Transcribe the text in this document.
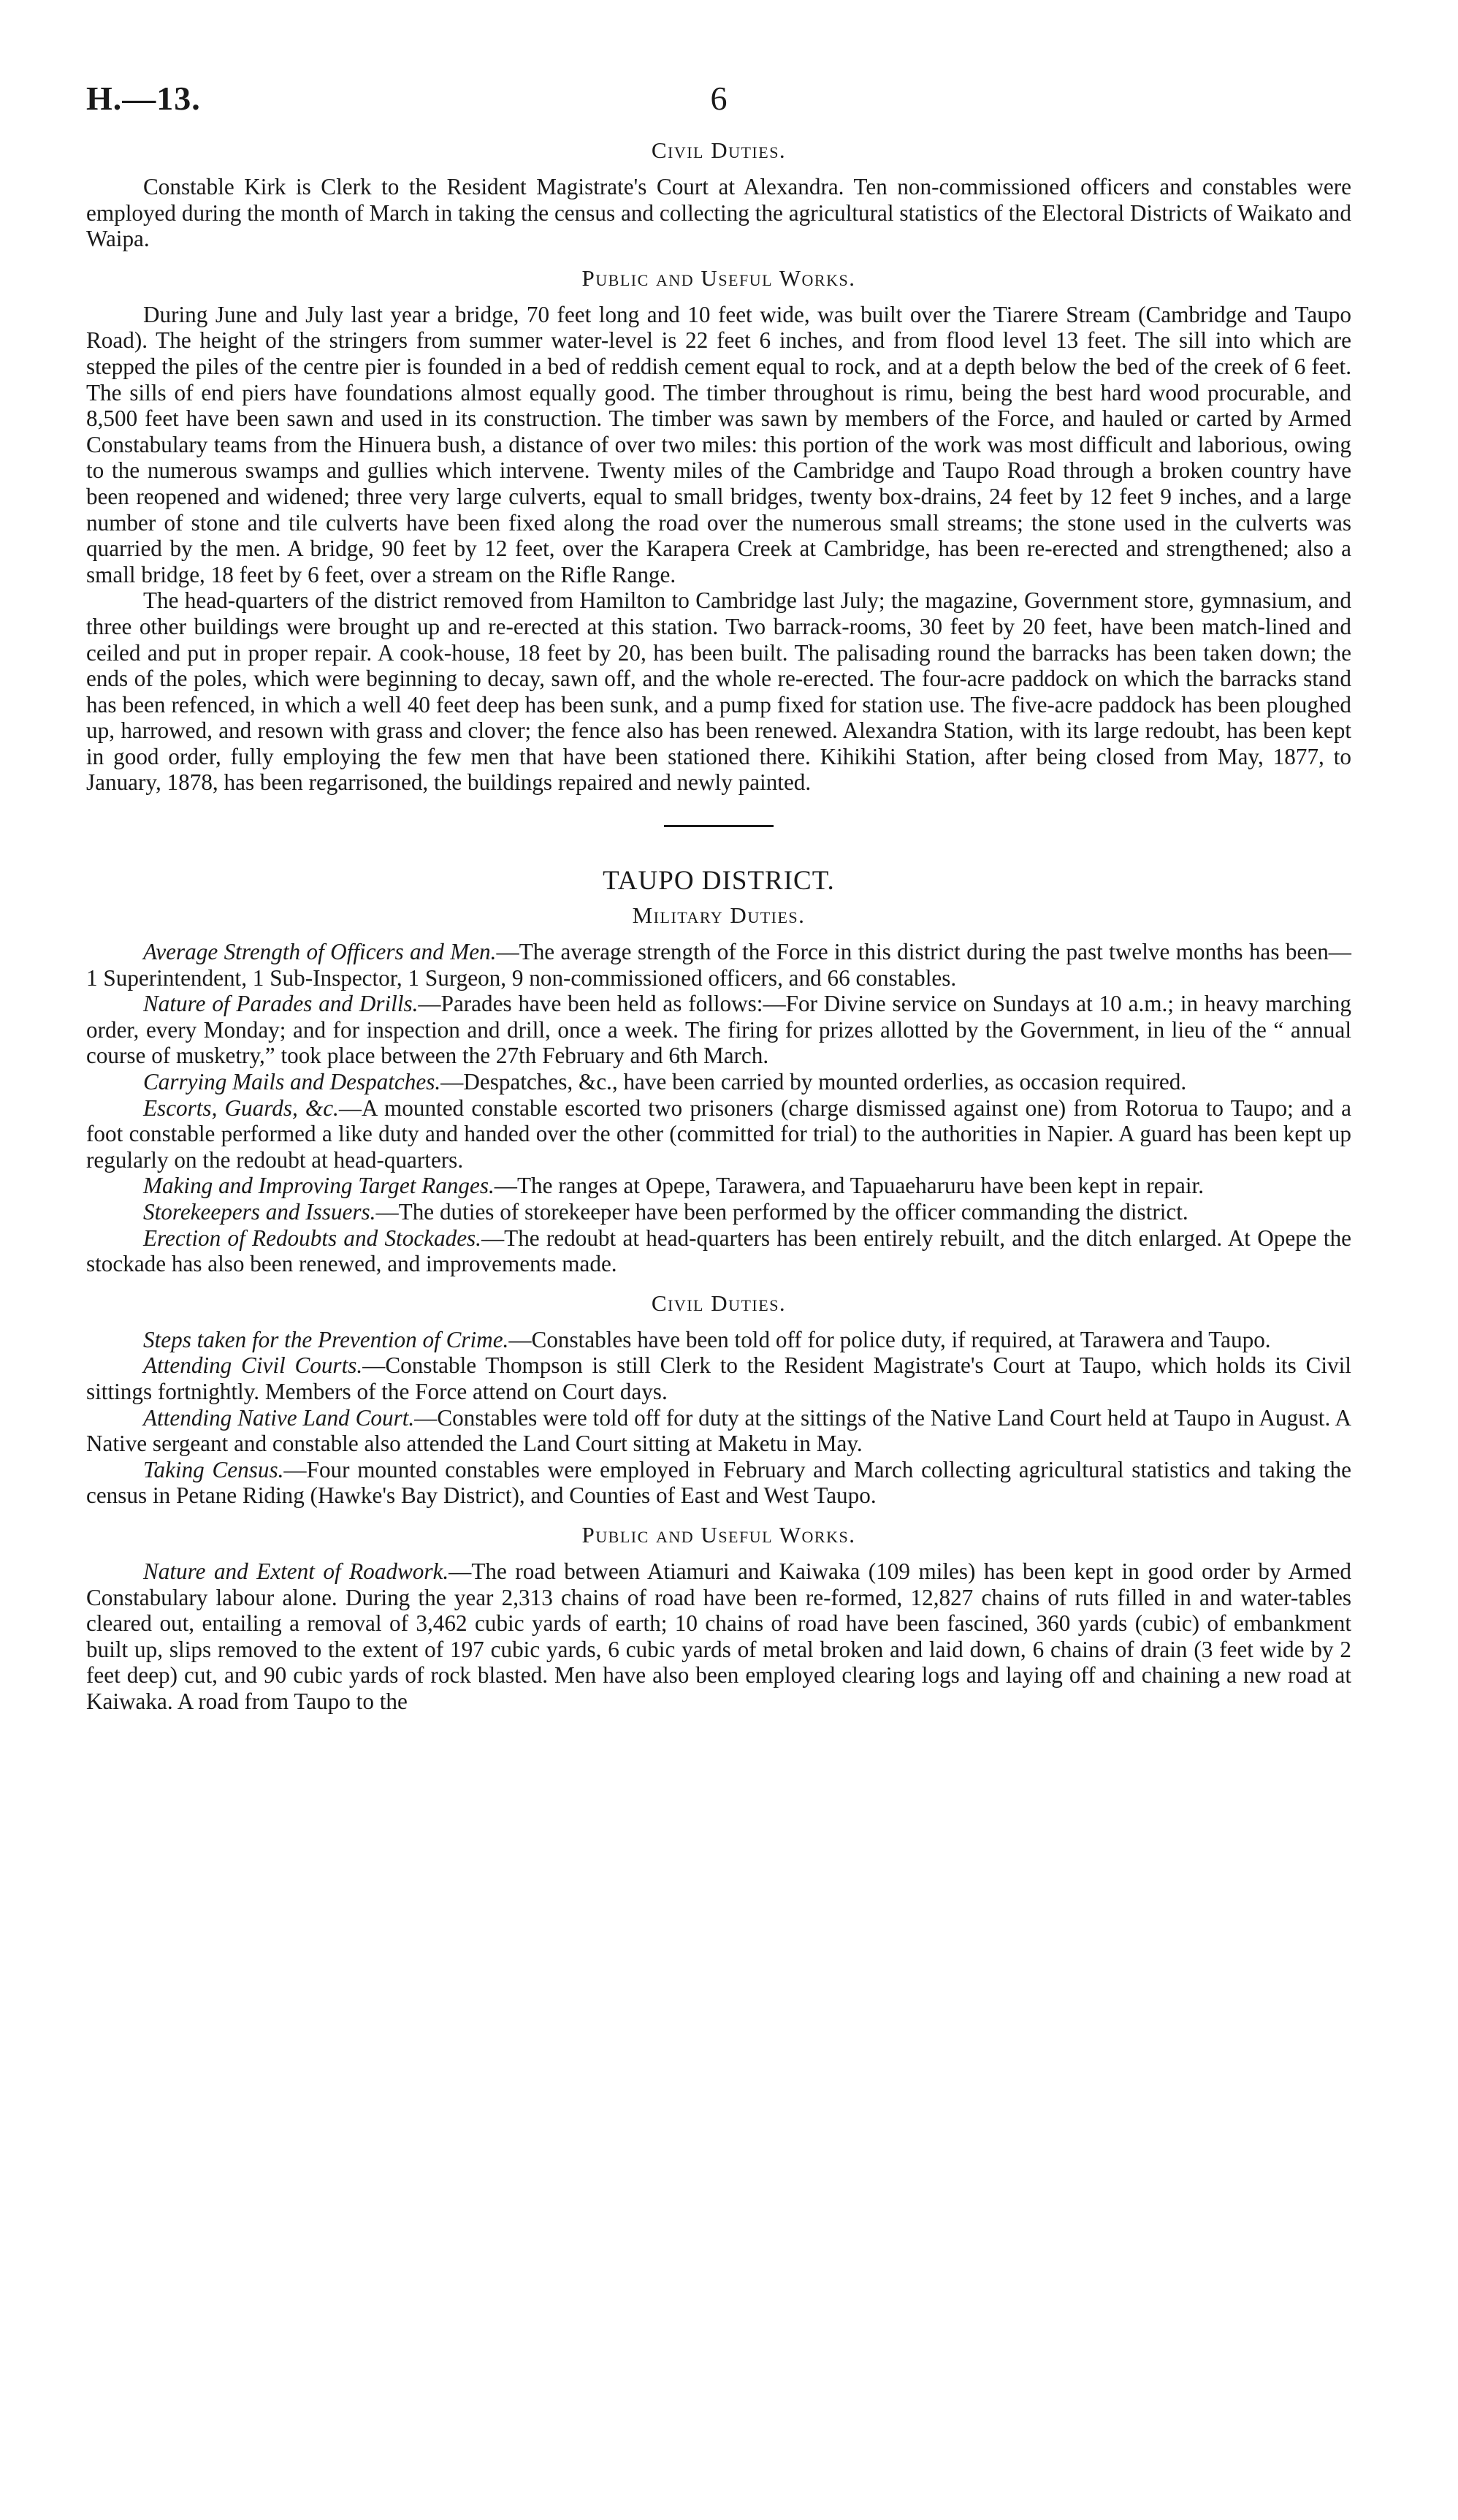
H.—13.	6
Civil Duties.

Constable Kirk is Clerk to the Resident Magistrate's Court at Alexandra. Ten non-commissioned officers and constables were employed during the month of March in taking the census and collecting the agricultural statistics of the Electoral Districts of Waikato and Waipa.

Public and Useful Works.

During June and July last year a bridge, 70 feet long and 10 feet wide, was built over the Tiarere Stream (Cambridge and Taupo Road). The height of the stringers from summer water-level is 22 feet 6 inches, and from flood level 13 feet. The sill into which are stepped the piles of the centre pier is founded in a bed of reddish cement equal to rock, and at a depth below the bed of the creek of 6 feet. The sills of end piers have foundations almost equally good. The timber throughout is rimu, being the best hard wood procurable, and 8,500 feet have been sawn and used in its construction. The timber was sawn by members of the Force, and hauled or carted by Armed Constabulary teams from the Hinuera bush, a distance of over two miles: this portion of the work was most difficult and laborious, owing to the numerous swamps and gullies which intervene. Twenty miles of the Cambridge and Taupo Road through a broken country have been reopened and widened; three very large culverts, equal to small bridges, twenty box-drains, 24 feet by 12 feet 9 inches, and a large number of stone and tile culverts have been fixed along the road over the numerous small streams; the stone used in the culverts was quarried by the men. A bridge, 90 feet by 12 feet, over the Karapera Creek at Cambridge, has been re-erected and strengthened; also a small bridge, 18 feet by 6 feet, over a stream on the Rifle Range.

The head-quarters of the district removed from Hamilton to Cambridge last July; the magazine, Government store, gymnasium, and three other buildings were brought up and re-erected at this station. Two barrack-rooms, 30 feet by 20 feet, have been match-lined and ceiled and put in proper repair. A cook-house, 18 feet by 20, has been built. The palisading round the barracks has been taken down; the ends of the poles, which were beginning to decay, sawn off, and the whole re-erected. The four-acre paddock on which the barracks stand has been refenced, in which a well 40 feet deep has been sunk, and a pump fixed for station use. The five-acre paddock has been ploughed up, harrowed, and resown with grass and clover; the fence also has been renewed. Alexandra Station, with its large redoubt, has been kept in good order, fully employing the few men that have been stationed there. Kihikihi Station, after being closed from May, 1877, to January, 1878, has been regarrisoned, the buildings repaired and newly painted.

TAUPO DISTRICT.
Military Duties.

Average Strength of Officers and Men.—The average strength of the Force in this district during the past twelve months has been—1 Superintendent, 1 Sub-Inspector, 1 Surgeon, 9 non-commissioned officers, and 66 constables.

Nature of Parades and Drills.—Parades have been held as follows:—For Divine service on Sundays at 10 a.m.; in heavy marching order, every Monday; and for inspection and drill, once a week. The firing for prizes allotted by the Government, in lieu of the “ annual course of musketry,” took place between the 27th February and 6th March.

Carrying Mails and Despatches.—Despatches, &c., have been carried by mounted orderlies, as occasion required.

Escorts, Guards, &c.—A mounted constable escorted two prisoners (charge dismissed against one) from Rotorua to Taupo; and a foot constable performed a like duty and handed over the other (committed for trial) to the authorities in Napier. A guard has been kept up regularly on the redoubt at head-quarters.

Making and Improving Target Ranges.—The ranges at Opepe, Tarawera, and Tapuaeharuru have been kept in repair.

Storekeepers and Issuers.—The duties of storekeeper have been performed by the officer commanding the district.

Erection of Redoubts and Stockades.—The redoubt at head-quarters has been entirely rebuilt, and the ditch enlarged. At Opepe the stockade has also been renewed, and improvements made.

Civil Duties.

Steps taken for the Prevention of Crime.—Constables have been told off for police duty, if required, at Tarawera and Taupo.

Attending Civil Courts.—Constable Thompson is still Clerk to the Resident Magistrate's Court at Taupo, which holds its Civil sittings fortnightly. Members of the Force attend on Court days.

Attending Native Land Court.—Constables were told off for duty at the sittings of the Native Land Court held at Taupo in August. A Native sergeant and constable also attended the Land Court sitting at Maketu in May.

Taking Census.—Four mounted constables were employed in February and March collecting agricultural statistics and taking the census in Petane Riding (Hawke's Bay District), and Counties of East and West Taupo.

Public and Useful Works.

Nature and Extent of Roadwork.—The road between Atiamuri and Kaiwaka (109 miles) has been kept in good order by Armed Constabulary labour alone. During the year 2,313 chains of road have been re-formed, 12,827 chains of ruts filled in and water-tables cleared out, entailing a removal of 3,462 cubic yards of earth; 10 chains of road have been fascined, 360 yards (cubic) of embankment built up, slips removed to the extent of 197 cubic yards, 6 cubic yards of metal broken and laid down, 6 chains of drain (3 feet wide by 2 feet deep) cut, and 90 cubic yards of rock blasted. Men have also been employed clearing logs and laying off and chaining a new road at Kaiwaka. A road from Taupo to the
